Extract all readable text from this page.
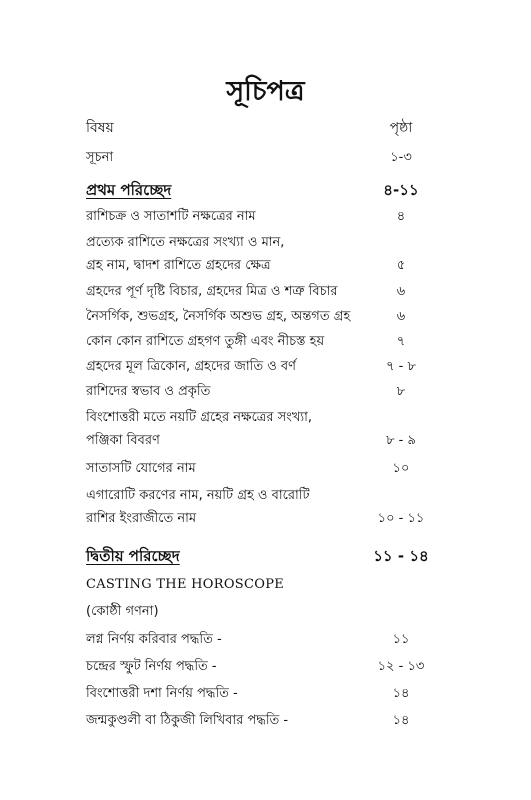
সূচিপত্র
বিষয়	পৃষ্ঠা
সূচনা	১-৩
প্রথম পরিচ্ছেদ	৪-১১
রাশিচক্র ও সাতাশটি নক্ষত্রের নাম	৪
প্রত্যেক রাশিতে নক্ষত্রের সংখ্যা ও মান,
গ্রহ নাম, দ্বাদশ রাশিতে গ্রহদের ক্ষেত্র	৫
গ্রহদের পূর্ণ দৃষ্টি বিচার, গ্রহদের মিত্র ও শত্রু বিচার	৬
নৈসর্গিক, শুভগ্রহ, নৈসর্গিক অশুভ গ্রহ, অন্তগত গ্রহ	৬
কোন কোন রাশিতে গ্রহগণ তুঙ্গী এবং নীচস্ত হয়	৭
গ্রহদের মূল ত্রিকোন, গ্রহদের জাতি ও বর্ণ	৭ - ৮
রাশিদের স্বভাব ও প্রকৃতি	৮
বিংশোত্তরী মতে নয়টি গ্রহের নক্ষত্রের সংখ্যা,
পঞ্জিকা বিবরণ	৮ - ৯
সাতাসটি যোগের নাম	১০
এগারোটি করণের নাম, নয়টি গ্রহ ও বারোটি
রাশির ইংরাজীতে নাম	১০ - ১১
দ্বিতীয় পরিচ্ছেদ	১১ - ১৪
CASTING THE HOROSCOPE
(কোষ্ঠী গণনা)
লগ্ন নির্ণয় করিবার পদ্ধতি -	১১
চন্দ্রের স্ফুট নির্ণয় পদ্ধতি -	১২ - ১৩
বিংশোত্তরী দশা নির্ণয় পদ্ধতি -	১৪
জন্মকুণ্ডলী বা ঠিকুজী লিখিবার পদ্ধতি -	১৪
